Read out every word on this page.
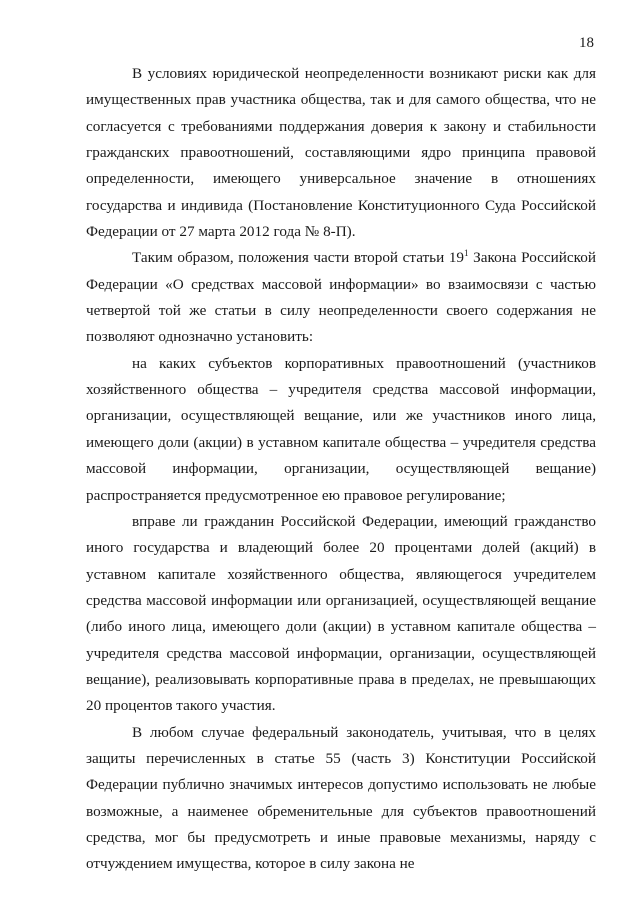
18

В условиях юридической неопределенности возникают риски как для имущественных прав участника общества, так и для самого общества, что не согласуется с требованиями поддержания доверия к закону и стабильности гражданских правоотношений, составляющими ядро принципа правовой определенности, имеющего универсальное значение в отношениях государства и индивида (Постановление Конституционного Суда Российской Федерации от 27 марта 2012 года № 8-П).

Таким образом, положения части второй статьи $19^1$ Закона Российской Федерации «О средствах массовой информации» во взаимосвязи с частью четвертой той же статьи в силу неопределенности своего содержания не позволяют однозначно установить:

на каких субъектов корпоративных правоотношений (участников хозяйственного общества – учредителя средства массовой информации, организации, осуществляющей вещание, или же участников иного лица, имеющего доли (акции) в уставном капитале общества – учредителя средства массовой информации, организации, осуществляющей вещание) распространяется предусмотренное ею правовое регулирование;

вправе ли гражданин Российской Федерации, имеющий гражданство иного государства и владеющий более 20 процентами долей (акций) в уставном капитале хозяйственного общества, являющегося учредителем средства массовой информации или организацией, осуществляющей вещание (либо иного лица, имеющего доли (акции) в уставном капитале общества – учредителя средства массовой информации, организации, осуществляющей вещание), реализовывать корпоративные права в пределах, не превышающих 20 процентов такого участия.

В любом случае федеральный законодатель, учитывая, что в целях защиты перечисленных в статье 55 (часть 3) Конституции Российской Федерации публично значимых интересов допустимо использовать не любые возможные, а наименее обременительные для субъектов правоотношений средства, мог бы предусмотреть и иные правовые механизмы, наряду с отчуждением имущества, которое в силу закона не
